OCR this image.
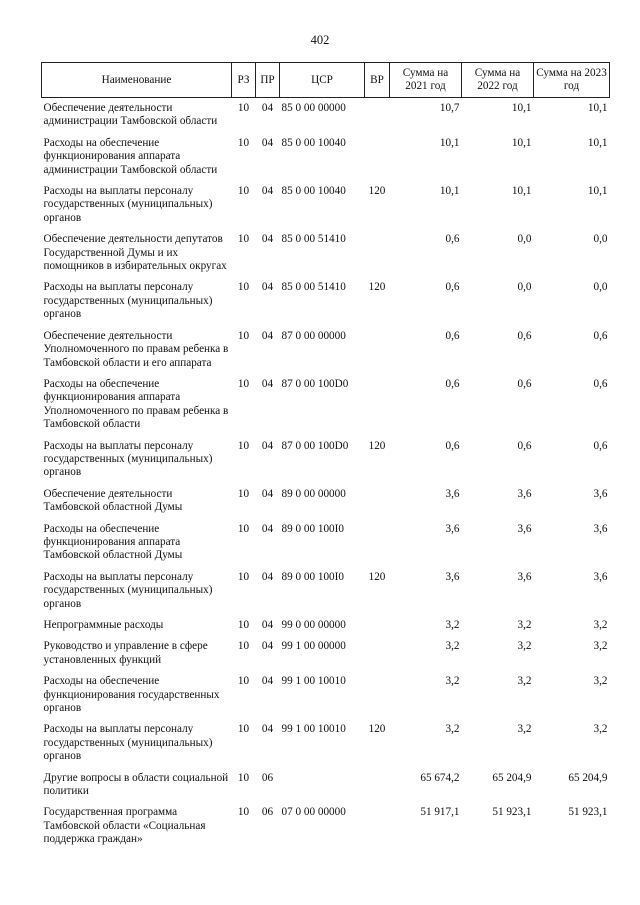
402
Наименование	РЗ	ПР	ЦСР	ВР	Сумма на 2021 год	Сумма на 2022 год	Сумма на 2023 год
Обеспечение деятельности администрации Тамбовской области	10	04	85 0 00 00000		10,7	10,1	10,1
Расходы на обеспечение функционирования аппарата администрации Тамбовской области	10	04	85 0 00 10040		10,1	10,1	10,1
Расходы на выплаты персоналу государственных (муниципальных) органов	10	04	85 0 00 10040	120	10,1	10,1	10,1
Обеспечение деятельности депутатов Государственной Думы и их помощников в избирательных округах	10	04	85 0 00 51410		0,6	0,0	0,0
Расходы на выплаты персоналу государственных (муниципальных) органов	10	04	85 0 00 51410	120	0,6	0,0	0,0
Обеспечение деятельности Уполномоченного по правам ребенка в Тамбовской области и его аппарата	10	04	87 0 00 00000		0,6	0,6	0,6
Расходы на обеспечение функционирования аппарата Уполномоченного по правам ребенка в Тамбовской области	10	04	87 0 00 100D0		0,6	0,6	0,6
Расходы на выплаты персоналу государственных (муниципальных) органов	10	04	87 0 00 100D0	120	0,6	0,6	0,6
Обеспечение деятельности Тамбовской областной Думы	10	04	89 0 00 00000		3,6	3,6	3,6
Расходы на обеспечение функционирования аппарата Тамбовской областной Думы	10	04	89 0 00 100I0		3,6	3,6	3,6
Расходы на выплаты персоналу государственных (муниципальных) органов	10	04	89 0 00 100I0	120	3,6	3,6	3,6
Непрограммные расходы	10	04	99 0 00 00000		3,2	3,2	3,2
Руководство и управление в сфере установленных функций	10	04	99 1 00 00000		3,2	3,2	3,2
Расходы на обеспечение функционирования государственных органов	10	04	99 1 00 10010		3,2	3,2	3,2
Расходы на выплаты персоналу государственных (муниципальных) органов	10	04	99 1 00 10010	120	3,2	3,2	3,2
Другие вопросы в области социальной политики	10	06			65 674,2	65 204,9	65 204,9
Государственная программа Тамбовской области «Социальная поддержка граждан»	10	06	07 0 00 00000		51 917,1	51 923,1	51 923,1
